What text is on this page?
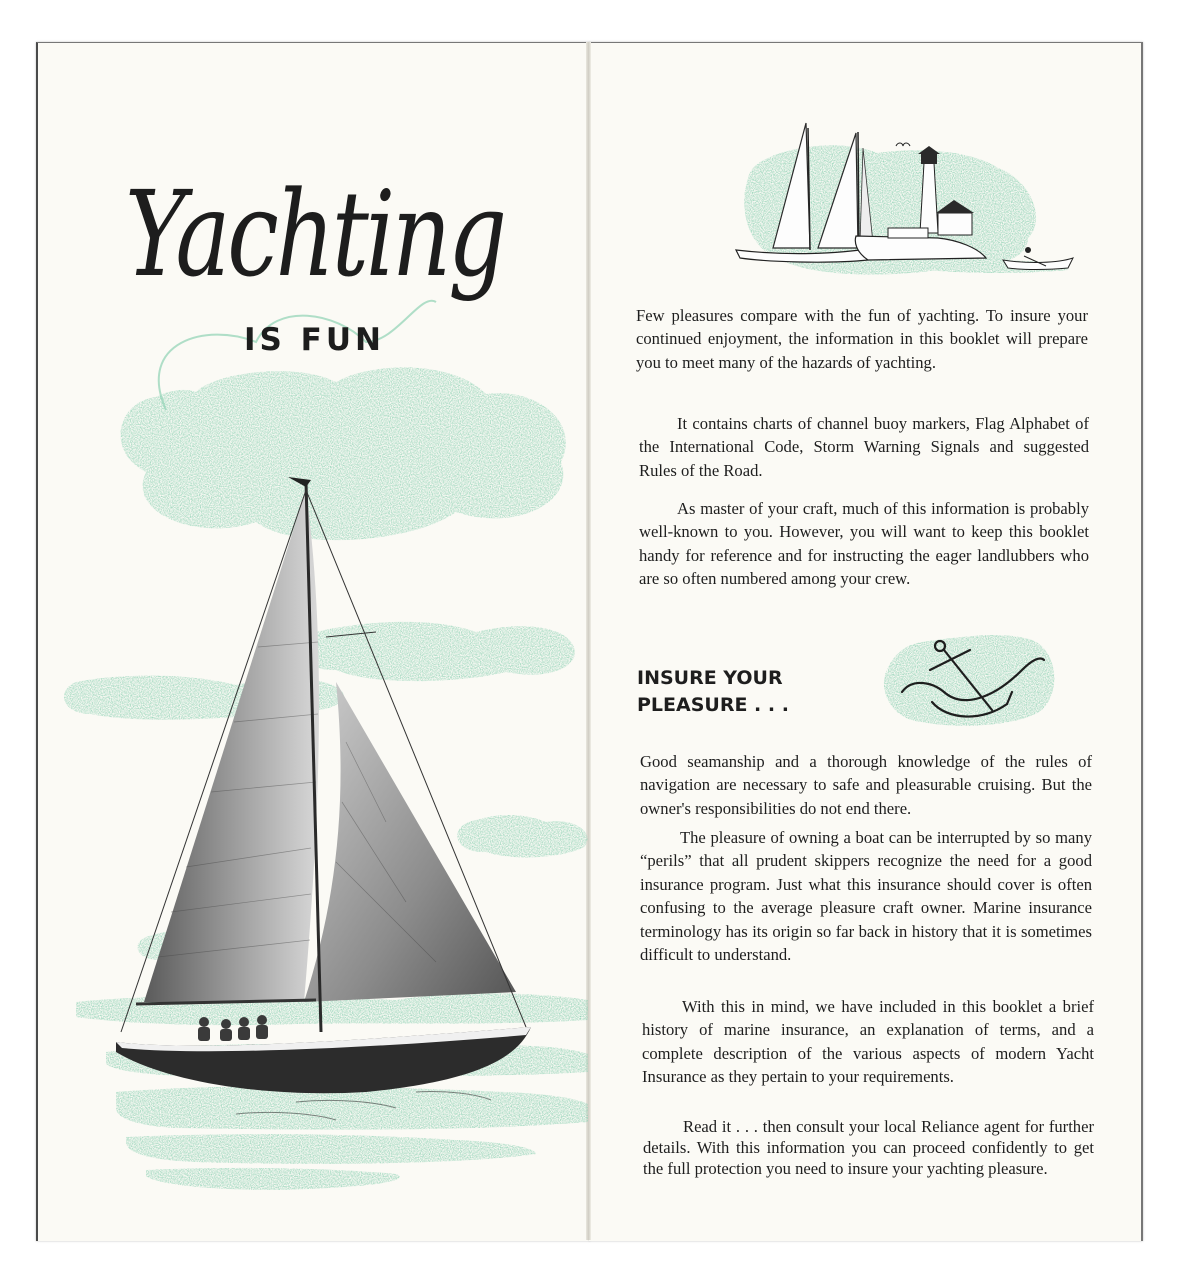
Yachting
IS FUN

Few pleasures compare with the fun of yachting. To insure your continued enjoyment, the information in this booklet will prepare you to meet many of the hazards of yachting.

It contains charts of channel buoy markers, Flag Alphabet of the International Code, Storm Warning Signals and suggested Rules of the Road.

As master of your craft, much of this information is probably well-known to you. However, you will want to keep this booklet handy for reference and for instructing the eager landlubbers who are so often numbered among your crew.

INSURE YOUR
PLEASURE . . .

Good seamanship and a thorough knowledge of the rules of navigation are necessary to safe and pleasurable cruising. But the owner's responsibilities do not end there.

The pleasure of owning a boat can be interrupted by so many “perils” that all prudent skippers recognize the need for a good insurance program. Just what this insurance should cover is often confusing to the average pleasure craft owner. Marine insurance terminology has its origin so far back in history that it is sometimes difficult to understand.

With this in mind, we have included in this booklet a brief history of marine insurance, an explanation of terms, and a complete description of the various aspects of modern Yacht Insurance as they pertain to your requirements.

Read it . . . then consult your local Reliance agent for further details. With this information you can proceed confidently to get the full protection you need to insure your yachting pleasure.
